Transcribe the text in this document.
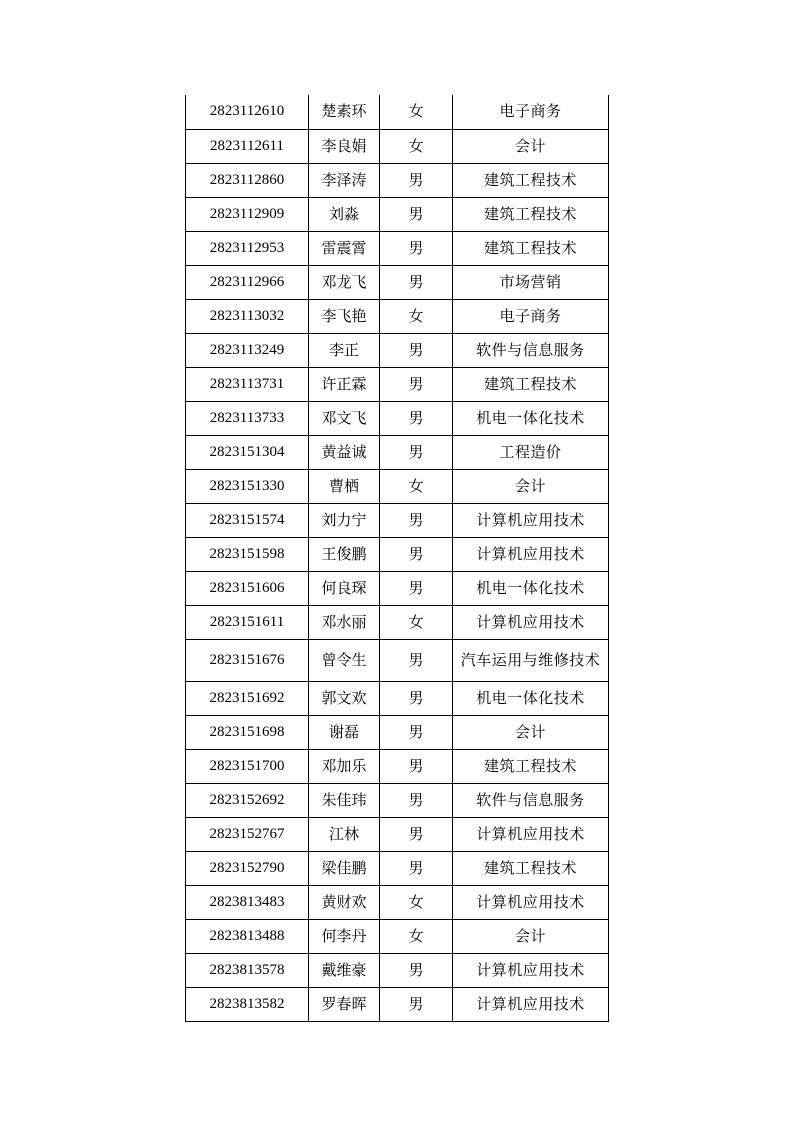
2823112610	楚素环	女	电子商务
2823112611	李良娟	女	会计
2823112860	李泽涛	男	建筑工程技术
2823112909	刘淼	男	建筑工程技术
2823112953	雷震霄	男	建筑工程技术
2823112966	邓龙飞	男	市场营销
2823113032	李飞艳	女	电子商务
2823113249	李正	男	软件与信息服务
2823113731	许正霖	男	建筑工程技术
2823113733	邓文飞	男	机电一体化技术
2823151304	黄益诚	男	工程造价
2823151330	曹栖	女	会计
2823151574	刘力宁	男	计算机应用技术
2823151598	王俊鹏	男	计算机应用技术
2823151606	何良琛	男	机电一体化技术
2823151611	邓水丽	女	计算机应用技术
2823151676	曾令生	男	汽车运用与维修技术
2823151692	郭文欢	男	机电一体化技术
2823151698	谢磊	男	会计
2823151700	邓加乐	男	建筑工程技术
2823152692	朱佳玮	男	软件与信息服务
2823152767	江林	男	计算机应用技术
2823152790	梁佳鹏	男	建筑工程技术
2823813483	黄财欢	女	计算机应用技术
2823813488	何李丹	女	会计
2823813578	戴维豪	男	计算机应用技术
2823813582	罗春晖	男	计算机应用技术
